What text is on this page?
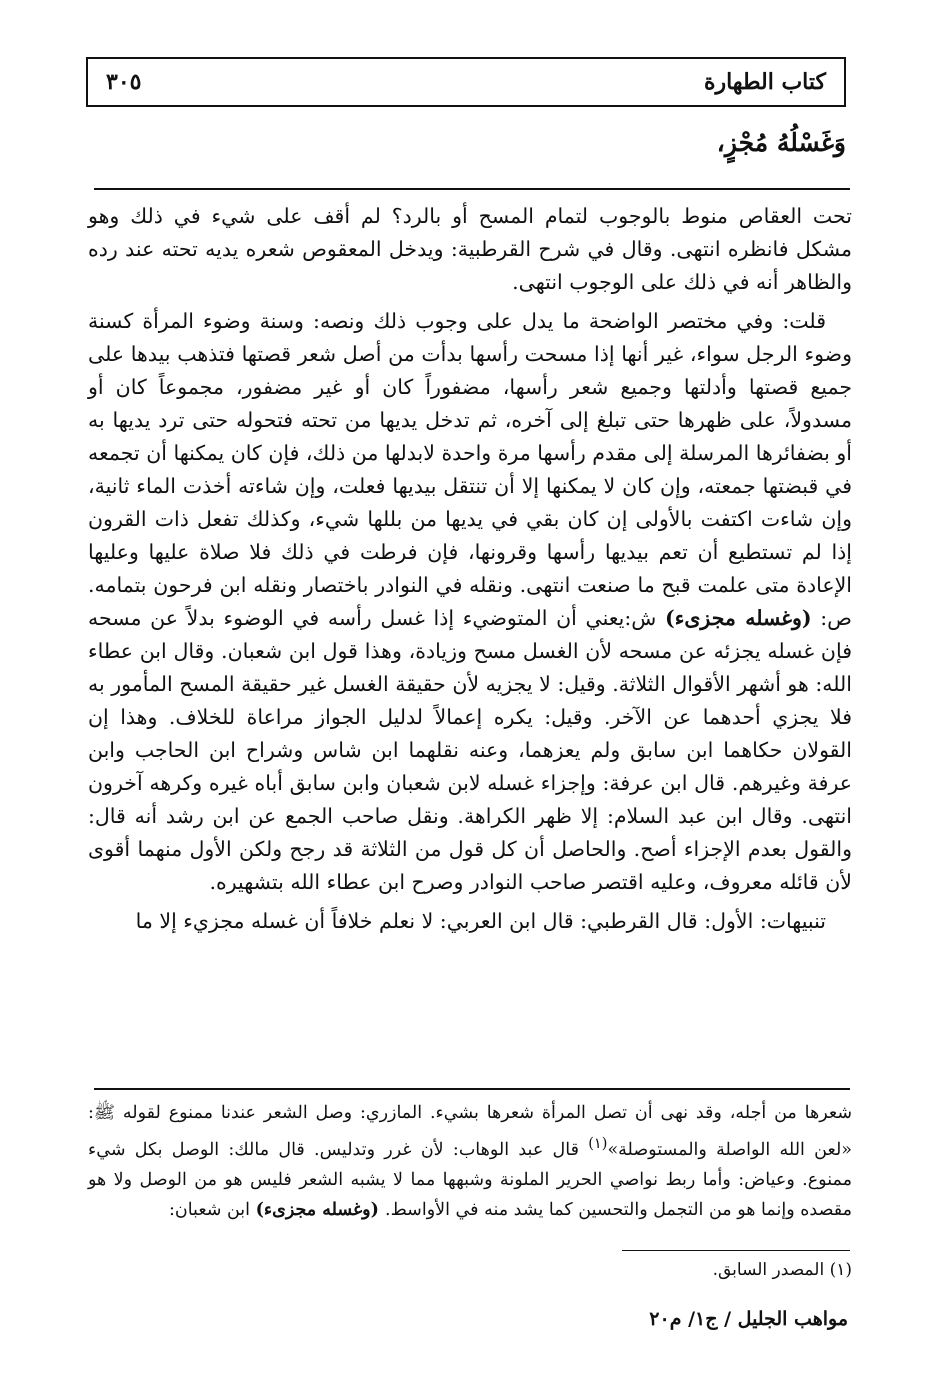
كتاب الطهارة
٣٠٥
وَغَسْلُهُ مُجْزٍ،

تحت العقاص منوط بالوجوب لتمام المسح أو بالرد؟ لم أقف على شيء في ذلك وهو مشكل فانظره انتهى. وقال في شرح القرطبية: ويدخل المعقوص شعره يديه تحته عند رده والظاهر أنه في ذلك على الوجوب انتهى.

قلت: وفي مختصر الواضحة ما يدل على وجوب ذلك ونصه: وسنة وضوء المرأة كسنة وضوء الرجل سواء، غير أنها إذا مسحت رأسها بدأت من أصل شعر قصتها فتذهب بيدها على جميع قصتها وأدلتها وجميع شعر رأسها، مضفوراً كان أو غير مضفور، مجموعاً كان أو مسدولاً، على ظهرها حتى تبلغ إلى آخره، ثم تدخل يديها من تحته فتحوله حتى ترد يديها به أو بضفائرها المرسلة إلى مقدم رأسها مرة واحدة لابدلها من ذلك، فإن كان يمكنها أن تجمعه في قبضتها جمعته، وإن كان لا يمكنها إلا أن تنتقل بيديها فعلت، وإن شاءته أخذت الماء ثانية، وإن شاءت اكتفت بالأولى إن كان بقي في يديها من بللها شيء، وكذلك تفعل ذات القرون إذا لم تستطيع أن تعم بيديها رأسها وقرونها، فإن فرطت في ذلك فلا صلاة عليها وعليها الإعادة متى علمت قبح ما صنعت انتهى. ونقله في النوادر باختصار ونقله ابن فرحون بتمامه. ص: (وغسله مجزىء) ش:يعني أن المتوضيء إذا غسل رأسه في الوضوء بدلاً عن مسحه فإن غسله يجزئه عن مسحه لأن الغسل مسح وزيادة، وهذا قول ابن شعبان. وقال ابن عطاء الله: هو أشهر الأقوال الثلاثة. وقيل: لا يجزيه لأن حقيقة الغسل غير حقيقة المسح المأمور به فلا يجزي أحدهما عن الآخر. وقيل: يكره إعمالاً لدليل الجواز مراعاة للخلاف. وهذا إن القولان حكاهما ابن سابق ولم يعزهما، وعنه نقلهما ابن شاس وشراح ابن الحاجب وابن عرفة وغيرهم. قال ابن عرفة: وإجزاء غسله لابن شعبان وابن سابق أباه غيره وكرهه آخرون انتهى. وقال ابن عبد السلام: إلا ظهر الكراهة. ونقل صاحب الجمع عن ابن رشد أنه قال: والقول بعدم الإجزاء أصح. والحاصل أن كل قول من الثلاثة قد رجح ولكن الأول منهما أقوى لأن قائله معروف، وعليه اقتصر صاحب النوادر وصرح ابن عطاء الله بتشهيره.

تنبيهات: الأول: قال القرطبي: قال ابن العربي: لا نعلم خلافاً أن غسله مجزيء إلا ما

شعرها من أجله، وقد نهى أن تصل المرأة شعرها بشيء. المازري: وصل الشعر عندنا ممنوع لقوله ﷺ: «لعن الله الواصلة والمستوصلة»$^{(١)}$ قال عبد الوهاب: لأن غرر وتدليس. قال مالك: الوصل بكل شيء ممنوع. وعياض: وأما ربط نواصي الحرير الملونة وشبهها مما لا يشبه الشعر فليس هو من الوصل ولا هو مقصده وإنما هو من التجمل والتحسين كما يشد منه في الأواسط. (وغسله مجزىء) ابن شعبان:

(١) المصدر السابق.
مواهب الجليل / ج١/ م٢٠
